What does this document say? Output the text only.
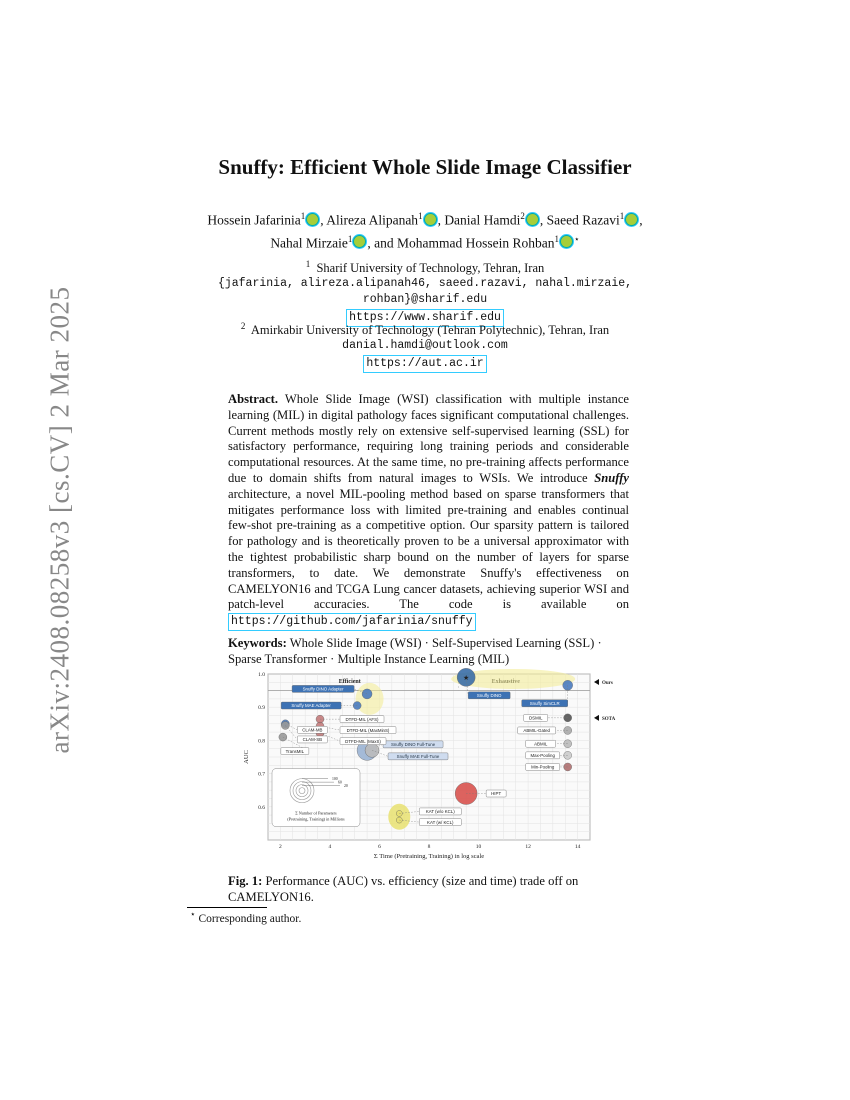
arXiv:2408.08258v3 [cs.CV] 2 Mar 2025
Snuffy: Efficient Whole Slide Image Classifier
Hossein Jafarinia$^1$ , Alireza Alipanah$^1$ , Danial Hamdi$^2$ , Saeed Razavi$^1$ ,
Nahal Mirzaie$^1$ , and Mohammad Hossein Rohban$^1$ ⋆
$^1$ Sharif University of Technology, Tehran, Iran
{jafarinia, alireza.alipanah46, saeed.razavi, nahal.mirzaie,
rohban}@sharif.edu
https://www.sharif.edu
$^2$ Amirkabir University of Technology (Tehran Polytechnic), Tehran, Iran
danial.hamdi@outlook.com
https://aut.ac.ir
Abstract. Whole Slide Image (WSI) classification with multiple instance learning (MIL) in digital pathology faces significant computational challenges. Current methods mostly rely on extensive self-supervised learning (SSL) for satisfactory performance, requiring long training periods and considerable computational resources. At the same time, no pre-training affects performance due to domain shifts from natural images to WSIs. We introduce Snuffy architecture, a novel MIL-pooling method based on sparse transformers that mitigates performance loss with limited pre-training and enables continual few-shot pre-training as a competitive option. Our sparsity pattern is tailored for pathology and is theoretically proven to be a universal approximator with the tightest probabilistic sharp bound on the number of layers for sparse transformers, to date. We demonstrate Snuffy's effectiveness on CAMELYON16 and TCGA Lung cancer datasets, achieving superior WSI and patch-level accuracies. The code is available on https://github.com/jafarinia/snuffy
Keywords: Whole Slide Image (WSI) · Self-Supervised Learning (SSL) · Sparse Transformer · Multiple Instance Learning (MIL)
2	4	6	8	10	12	14
0.6
0.7
0.8
0.9
1.0
Σ Time (Pretraining, Training) in log scale
AUC
Efficient
Snuffy DINO Adapter
Snuffy MAE Adapter
Snuffy DINO
Snuffy SimCLR
Snuffy DINO Full-Tune
Snuffy MAE Full-Tune
DSMIL
ABMIL-Gated
ABMIL
Max-Pooling
Min-Pooling
DTFD-MIL (AFS)
DTFD-MIL (MaxMinS)
DTFD-MIL (MaxS)
CLAM-MB
CLAM-SB
TransMIL
HIPT
KAT (w/o KCL)
KAT (w/ KCL)
★
Ours
SOTA
100
60
20
Σ Number of Parameters
(Pretraining, Training) in Millions
Fig. 1: Performance (AUC) vs. efficiency (size and time) trade off on CAMELYON16.
⋆ Corresponding author.
